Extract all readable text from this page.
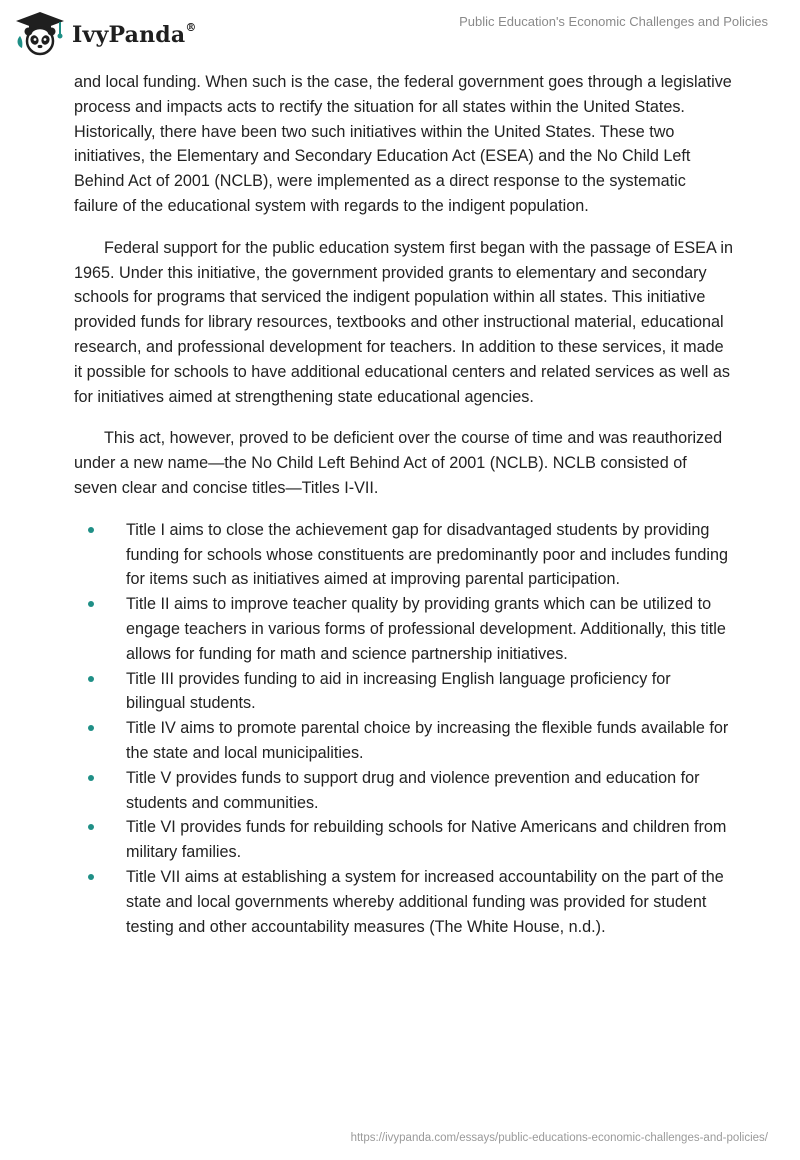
IvyPanda®	Public Education's Economic Challenges and Policies

and local funding. When such is the case, the federal government goes through a legislative process and impacts acts to rectify the situation for all states within the United States. Historically, there have been two such initiatives within the United States. These two initiatives, the Elementary and Secondary Education Act (ESEA) and the No Child Left Behind Act of 2001 (NCLB), were implemented as a direct response to the systematic failure of the educational system with regards to the indigent population.

Federal support for the public education system first began with the passage of ESEA in 1965. Under this initiative, the government provided grants to elementary and secondary schools for programs that serviced the indigent population within all states. This initiative provided funds for library resources, textbooks and other instructional material, educational research, and professional development for teachers. In addition to these services, it made it possible for schools to have additional educational centers and related services as well as for initiatives aimed at strengthening state educational agencies.

This act, however, proved to be deficient over the course of time and was reauthorized under a new name—the No Child Left Behind Act of 2001 (NCLB). NCLB consisted of seven clear and concise titles—Titles I-VII.

Title I aims to close the achievement gap for disadvantaged students by providing funding for schools whose constituents are predominantly poor and includes funding for items such as initiatives aimed at improving parental participation.
Title II aims to improve teacher quality by providing grants which can be utilized to engage teachers in various forms of professional development. Additionally, this title allows for funding for math and science partnership initiatives.
Title III provides funding to aid in increasing English language proficiency for bilingual students.
Title IV aims to promote parental choice by increasing the flexible funds available for the state and local municipalities.
Title V provides funds to support drug and violence prevention and education for students and communities.
Title VI provides funds for rebuilding schools for Native Americans and children from military families.
Title VII aims at establishing a system for increased accountability on the part of the state and local governments whereby additional funding was provided for student testing and other accountability measures (The White House, n.d.).
https://ivypanda.com/essays/public-educations-economic-challenges-and-policies/
